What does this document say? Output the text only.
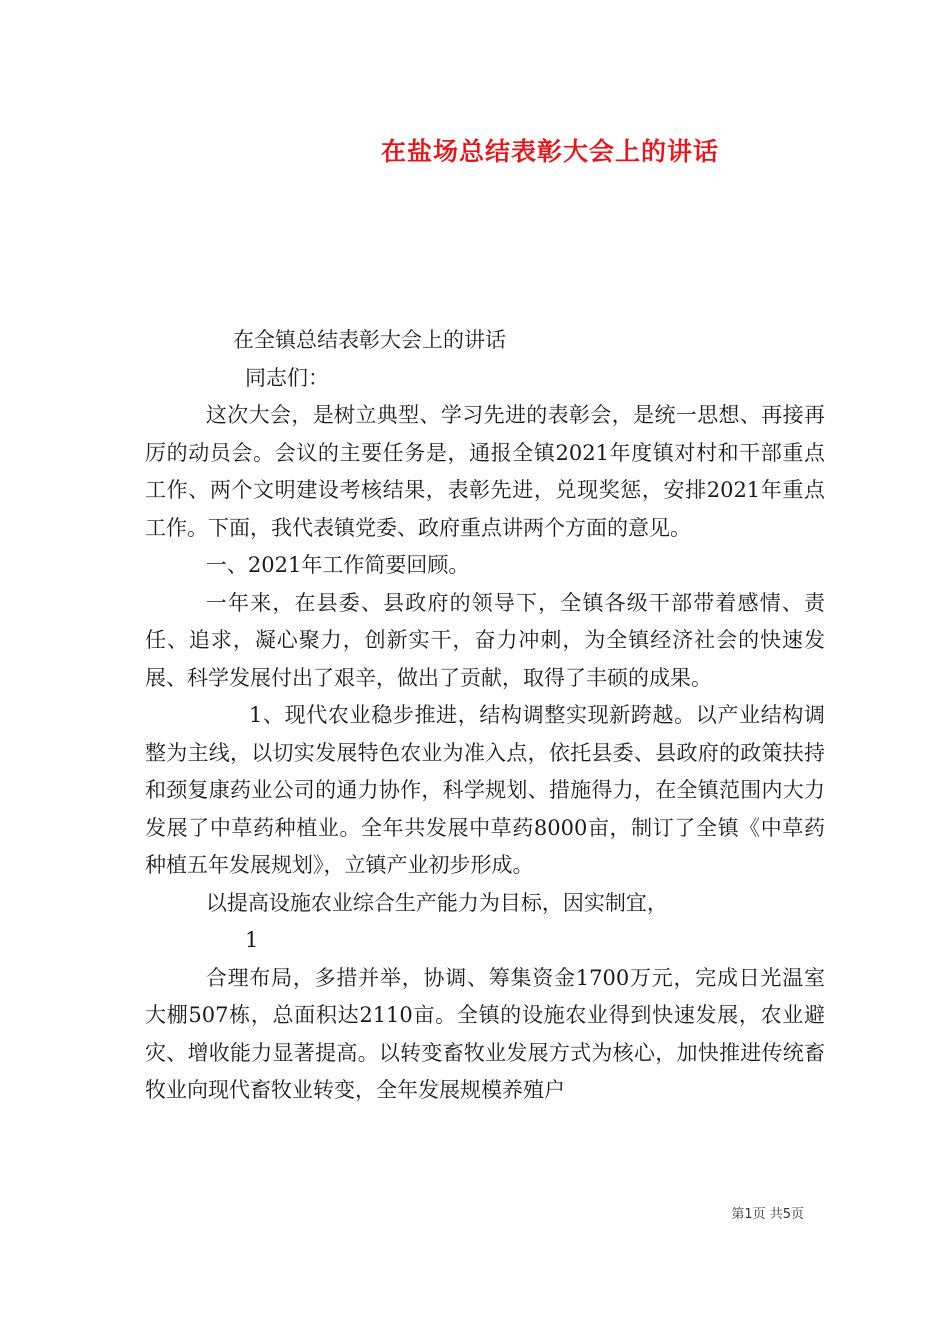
在盐场总结表彰大会上的讲话

在全镇总结表彰大会上的讲话

同志们：

这次大会，是树立典型、学习先进的表彰会，是统一思想、再接再厉的动员会。会议的主要任务是，通报全镇2021年度镇对村和干部重点工作、两个文明建设考核结果，表彰先进，兑现奖惩，安排2021年重点工作。下面，我代表镇党委、政府重点讲两个方面的意见。

一、2021年工作简要回顾。

一年来，在县委、县政府的领导下，全镇各级干部带着感情、责任、追求，凝心聚力，创新实干，奋力冲刺，为全镇经济社会的快速发展、科学发展付出了艰辛，做出了贡献，取得了丰硕的成果。

1、现代农业稳步推进，结构调整实现新跨越。以产业结构调整为主线，以切实发展特色农业为准入点，依托县委、县政府的政策扶持和颈复康药业公司的通力协作，科学规划、措施得力，在全镇范围内大力发展了中草药种植业。全年共发展中草药8000亩，制订了全镇《中草药种植五年发展规划》，立镇产业初步形成。

以提高设施农业综合生产能力为目标，因实制宜，

1

合理布局，多措并举，协调、筹集资金1700万元，完成日光温室大棚507栋，总面积达2110亩。全镇的设施农业得到快速发展，农业避灾、增收能力显著提高。以转变畜牧业发展方式为核心，加快推进传统畜牧业向现代畜牧业转变，全年发展规模养殖户

第1页 共5页
